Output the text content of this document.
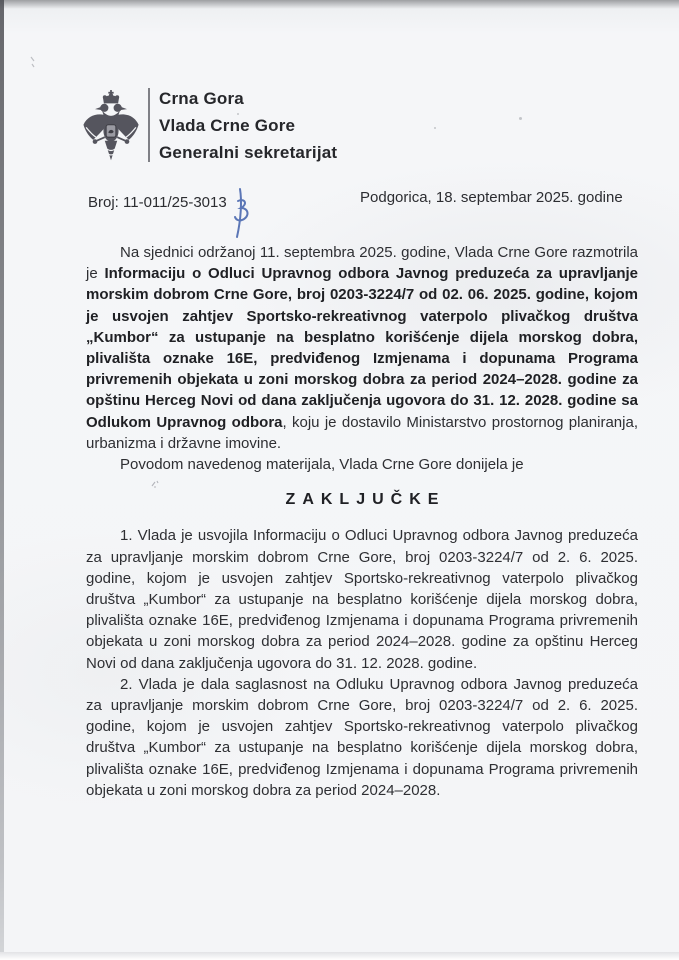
Crna Gora
Vlada Crne Gore
Generalni sekretarijat
Broj: 11-011/25-3013	Podgorica, 18. septembar 2025. godine

Na sjednici održanoj 11. septembra 2025. godine, Vlada Crne Gore razmotrila je Informaciju o Odluci Upravnog odbora Javnog preduzeća za upravljanje morskim dobrom Crne Gore, broj 0203-3224/7 od 02. 06. 2025. godine, kojom je usvojen zahtjev Sportsko-rekreativnog vaterpolo plivačkog društva „Kumbor“ za ustupanje na besplatno korišćenje dijela morskog dobra, plivališta oznake 16E, predviđenog Izmjenama i dopunama Programa privremenih objekata u zoni morskog dobra za period 2024–2028. godine za opštinu Herceg Novi od dana zaključenja ugovora do 31. 12. 2028. godine sa Odlukom Upravnog odbora, koju je dostavilo Ministarstvo prostornog planiranja, urbanizma i državne imovine.

Povodom navedenog materijala, Vlada Crne Gore donijela je

ZAKLJUČKE

1. Vlada je usvojila Informaciju o Odluci Upravnog odbora Javnog preduzeća za upravljanje morskim dobrom Crne Gore, broj 0203-3224/7 od 2. 6. 2025. godine, kojom je usvojen zahtjev Sportsko-rekreativnog vaterpolo plivačkog društva „Kumbor“ za ustupanje na besplatno korišćenje dijela morskog dobra, plivališta oznake 16E, predviđenog Izmjenama i dopunama Programa privremenih objekata u zoni morskog dobra za period 2024–2028. godine za opštinu Herceg Novi od dana zaključenja ugovora do 31. 12. 2028. godine.

2. Vlada je dala saglasnost na Odluku Upravnog odbora Javnog preduzeća za upravljanje morskim dobrom Crne Gore, broj 0203-3224/7 od 2. 6. 2025. godine, kojom je usvojen zahtjev Sportsko-rekreativnog vaterpolo plivačkog društva „Kumbor“ za ustupanje na besplatno korišćenje dijela morskog dobra, plivališta oznake 16E, predviđenog Izmjenama i dopunama Programa privremenih objekata u zoni morskog dobra za period 2024–2028.
